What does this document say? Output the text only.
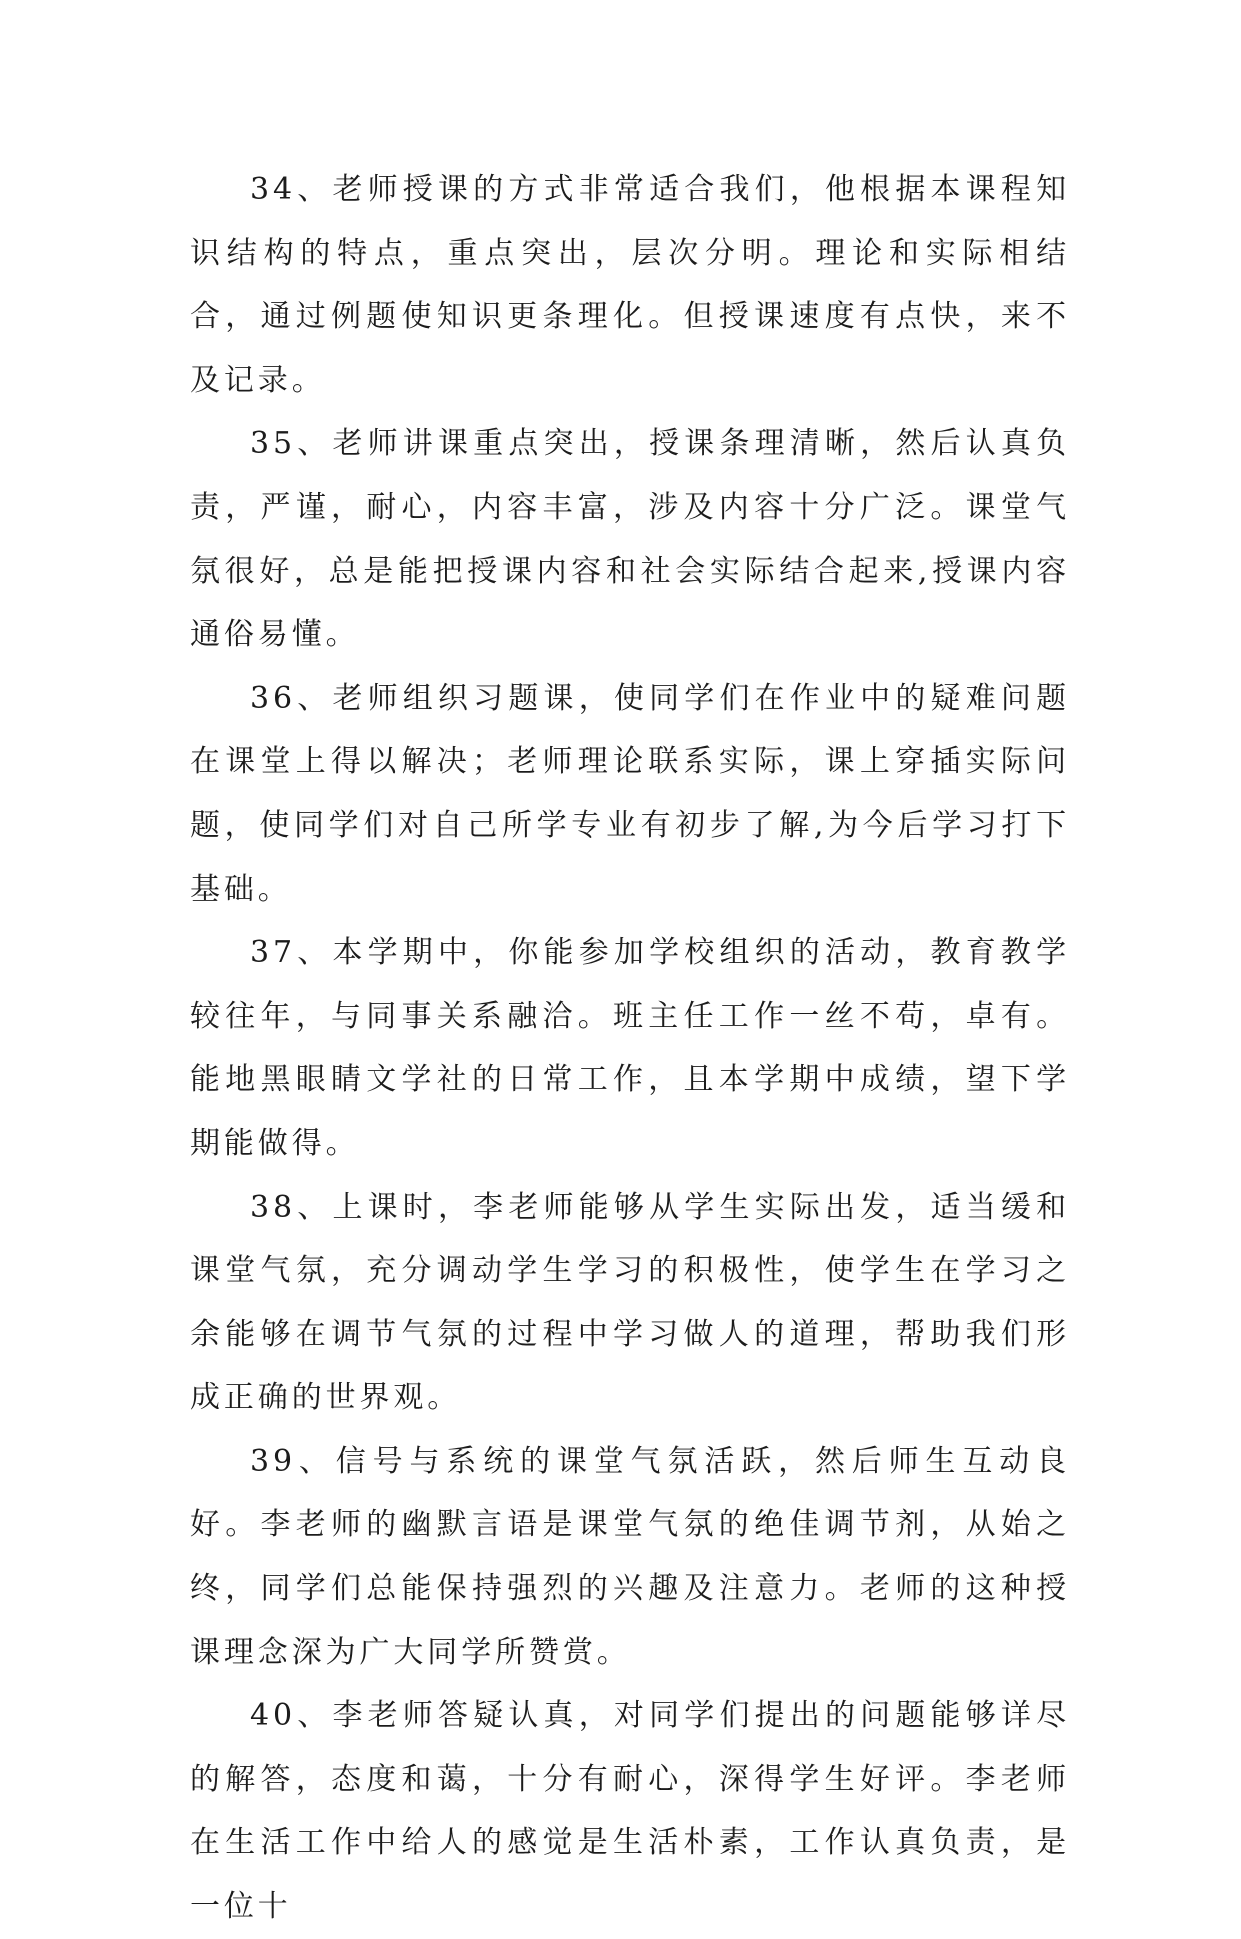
34、老师授课的方式非常适合我们，他根据本课程知识结构的特点，重点突出，层次分明。理论和实际相结合，通过例题使知识更条理化。但授课速度有点快，来不及记录。

35、老师讲课重点突出，授课条理清晰，然后认真负责，严谨，耐心，内容丰富，涉及内容十分广泛。课堂气氛很好，总是能把授课内容和社会实际结合起来,授课内容通俗易懂。

36、老师组织习题课，使同学们在作业中的疑难问题在课堂上得以解决；老师理论联系实际，课上穿插实际问题，使同学们对自己所学专业有初步了解,为今后学习打下基础。

37、本学期中，你能参加学校组织的活动，教育教学较往年，与同事关系融洽。班主任工作一丝不苟，卓有。能地黑眼睛文学社的日常工作，且本学期中成绩，望下学期能做得。

38、上课时，李老师能够从学生实际出发，适当缓和课堂气氛，充分调动学生学习的积极性，使学生在学习之余能够在调节气氛的过程中学习做人的道理，帮助我们形成正确的世界观。

39、信号与系统的课堂气氛活跃，然后师生互动良好。李老师的幽默言语是课堂气氛的绝佳调节剂，从始之终，同学们总能保持强烈的兴趣及注意力。老师的这种授课理念深为广大同学所赞赏。

40、李老师答疑认真，对同学们提出的问题能够详尽的解答，态度和蔼，十分有耐心，深得学生好评。李老师在生活工作中给人的感觉是生活朴素，工作认真负责，是一位十
